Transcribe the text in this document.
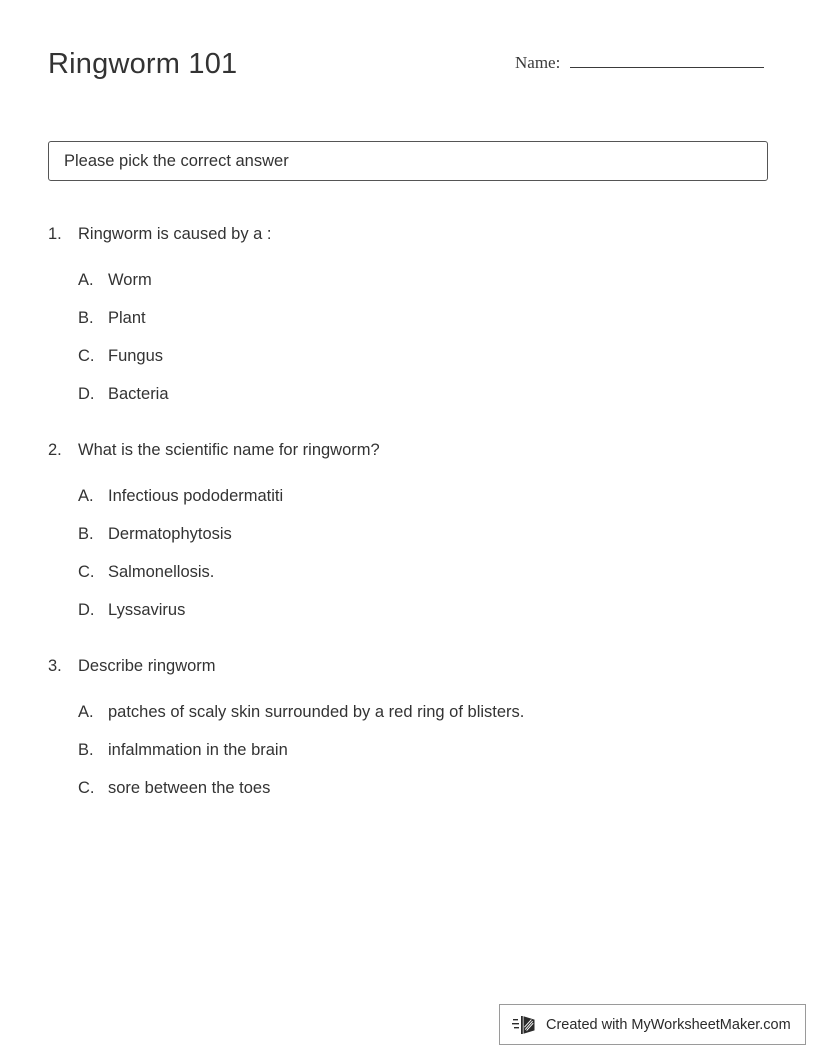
Ringworm 101	Name:
Please pick the correct answer
1. Ringworm is caused by a :
A. Worm
B. Plant
C. Fungus
D. Bacteria
2. What is the scientific name for ringworm?
A. Infectious pododermatiti
B. Dermatophytosis
C. Salmonellosis.
D. Lyssavirus
3. Describe ringworm
A. patches of scaly skin surrounded by a red ring of blisters.
B. infalmmation in the brain
C. sore between the toes
Created with MyWorksheetMaker.com
